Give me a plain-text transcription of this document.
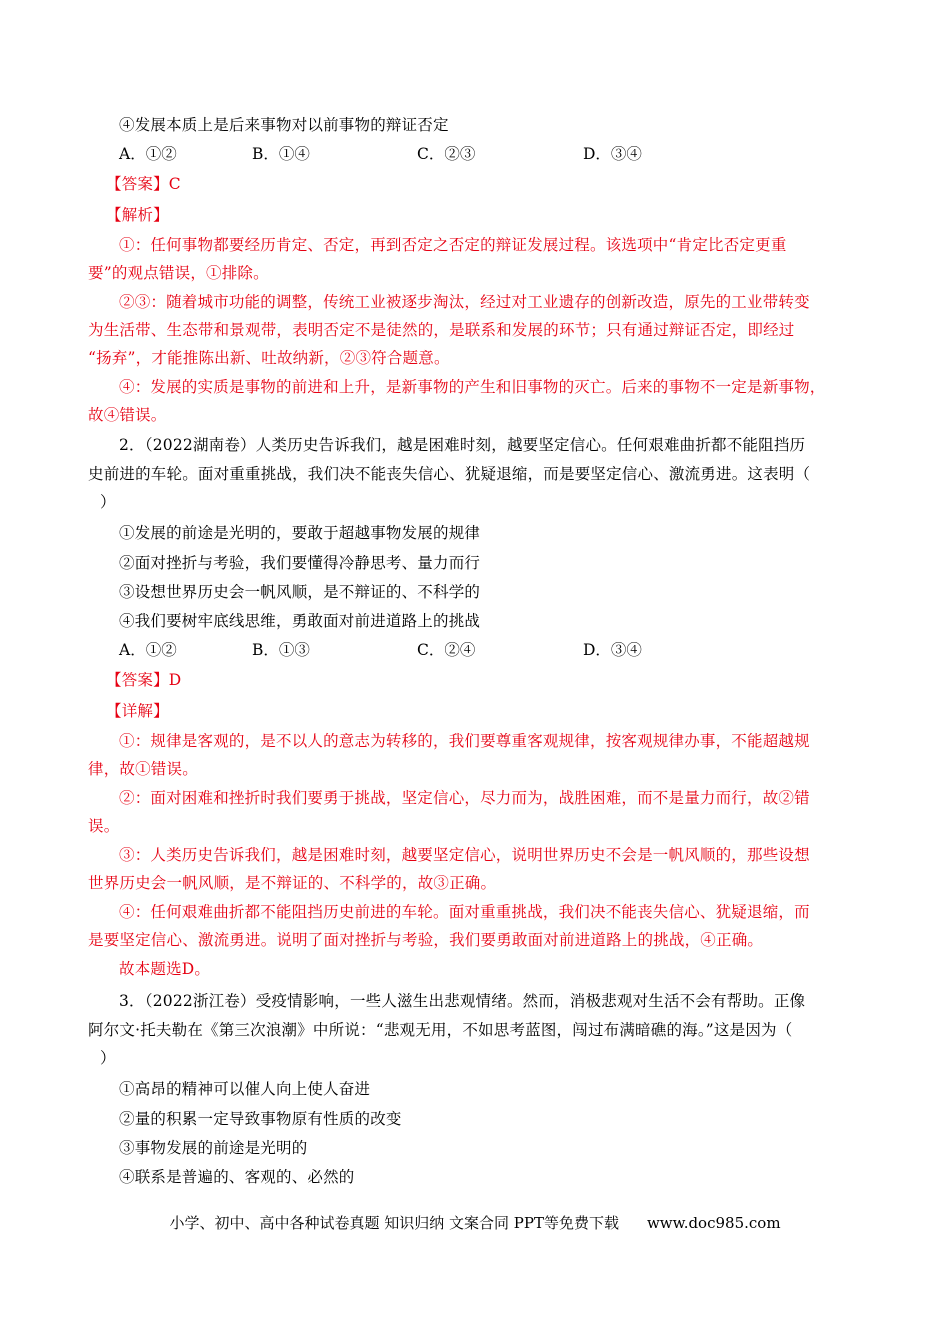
④发展本质上是后来事物对以前事物的辩证否定

A．①②	B．①④	C．②③	D．③④

【答案】C

【解析】

①：任何事物都要经历肯定、否定，再到否定之否定的辩证发展过程。该选项中“肯定比否定更重

要”的观点错误，①排除。

②③：随着城市功能的调整，传统工业被逐步淘汰，经过对工业遗存的创新改造，原先的工业带转变

为生活带、生态带和景观带，表明否定不是徒然的，是联系和发展的环节；只有通过辩证否定，即经过

“扬弃”，才能推陈出新、吐故纳新，②③符合题意。

④：发展的实质是事物的前进和上升，是新事物的产生和旧事物的灭亡。后来的事物不一定是新事物，

故④错误。

2．（2022湖南卷）人类历史告诉我们，越是困难时刻，越要坚定信心。任何艰难曲折都不能阻挡历

史前进的车轮。面对重重挑战，我们决不能丧失信心、犹疑退缩，而是要坚定信心、激流勇进。这表明（

）

①发展的前途是光明的，要敢于超越事物发展的规律

②面对挫折与考验，我们要懂得冷静思考、量力而行

③设想世界历史会一帆风顺，是不辩证的、不科学的

④我们要树牢底线思维，勇敢面对前进道路上的挑战

A．①②	B．①③	C．②④	D．③④

【答案】D

【详解】

①：规律是客观的，是不以人的意志为转移的，我们要尊重客观规律，按客观规律办事，不能超越规

律，故①错误。

②：面对困难和挫折时我们要勇于挑战，坚定信心，尽力而为，战胜困难，而不是量力而行，故②错

误。

③：人类历史告诉我们，越是困难时刻，越要坚定信心，说明世界历史不会是一帆风顺的，那些设想

世界历史会一帆风顺，是不辩证的、不科学的，故③正确。

④：任何艰难曲折都不能阻挡历史前进的车轮。面对重重挑战，我们决不能丧失信心、犹疑退缩，而

是要坚定信心、激流勇进。说明了面对挫折与考验，我们要勇敢面对前进道路上的挑战，④正确。

故本题选D。

3．（2022浙江卷）受疫情影响，一些人滋生出悲观情绪。然而，消极悲观对生活不会有帮助。正像

阿尔文·托夫勒在《第三次浪潮》中所说：“悲观无用，不如思考蓝图，闯过布满暗礁的海。”这是因为（

）

①高昂的精神可以催人向上使人奋进

②量的积累一定导致事物原有性质的改变

③事物发展的前途是光明的

④联系是普遍的、客观的、必然的

小学、初中、高中各种试卷真题 知识归纳 文案合同 PPT等免费下载 www.doc985.com
